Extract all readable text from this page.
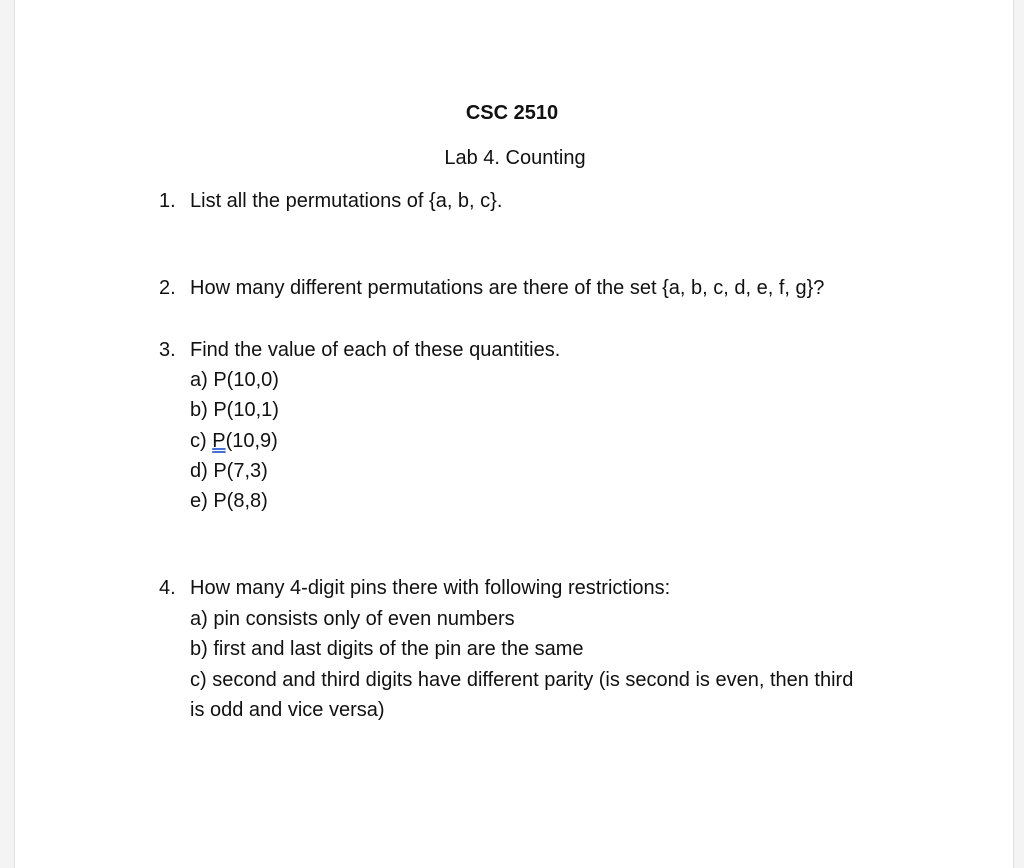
CSC 2510
Lab 4. Counting
1. List all the permutations of {a, b, c}.
2. How many different permutations are there of the set {a, b, c, d, e, f, g}?
3. Find the value of each of these quantities.
a) P(10,0)
b) P(10,1)
c) P(10,9)
d) P(7,3)
e) P(8,8)
4. How many 4-digit pins there with following restrictions:
a) pin consists only of even numbers
b) first and last digits of the pin are the same
c) second and third digits have different parity (is second is even, then third
is odd and vice versa)
